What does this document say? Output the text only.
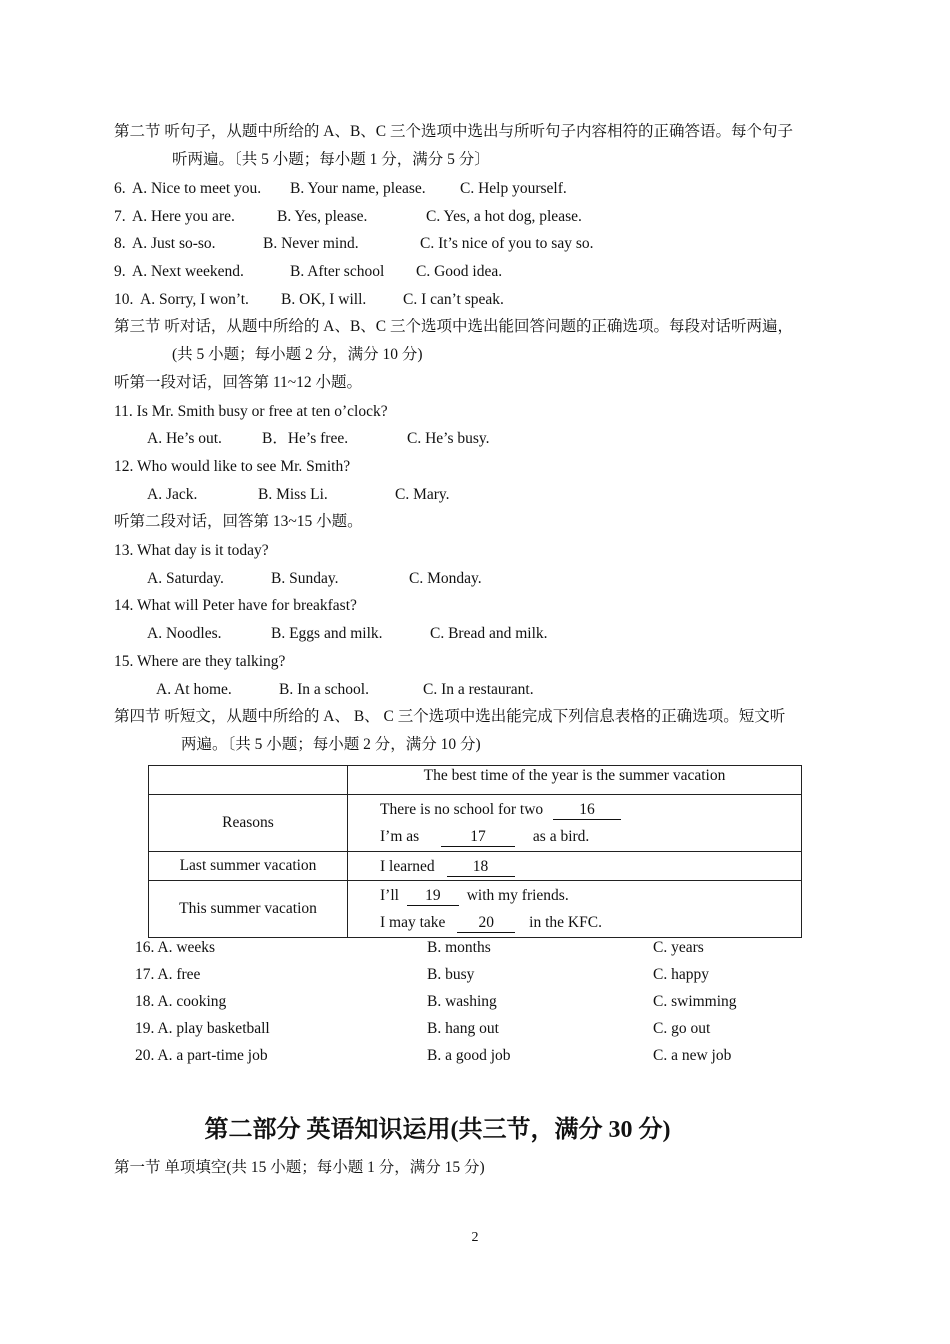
第二节 听句子，从题中所给的 A、B、C 三个选项中选出与所听句子内容相符的正确答语。每个句子
听两遍。〔共 5 小题；每小题 1 分，满分 5 分〕
6. A. Nice to meet you. B. Your name, please. C. Help yourself.
7. A. Here you are.	B. Yes, please.	C. Yes, a hot dog, please.
8. A. Just so-so.	B. Never mind.	C. It’s nice of you to say so.
9. A. Next weekend.	B. After school C. Good idea.
10. A. Sorry, I won’t. B. OK, I will. C. I can’t speak.
第三节 听对话，从题中所给的 A、B、C 三个选项中选出能回答问题的正确选项。每段对话听两遍，
(共 5 小题；每小题 2 分，满分 10 分)
听第一段对话，回答第 11~12 小题。
11. Is Mr. Smith busy or free at ten o’clock?
A. He’s out.	B．He’s free.	C. He’s busy.
12. Who would like to see Mr. Smith?
A. Jack.	B. Miss Li.	C. Mary.
听第二段对话，回答第 13~15 小题。
13. What day is it today?
A. Saturday.	B. Sunday.	C. Monday.
14. What will Peter have for breakfast?
A. Noodles.	B. Eggs and milk.	C. Bread and milk.
15. Where are they talking?
A. At home.	B. In a school.	C. In a restaurant.
第四节 听短文，从题中所给的 A、 B、 C 三个选项中选出能完成下列信息表格的正确选项。短文听
两遍。〔共 5 小题；每小题 2 分，满分 10 分)
	The best time of the year is the summer vacation
Reasons	There is no school for two 16
I’m as 17 as a bird.

Last summer vacation	I learned 18

This summer vacation	I’ll 19 with my friends.
I may take 20 in the KFC.
16. A. weeks	B. months	C. years
17. A. free	B. busy	C. happy
18. A. cooking	B. washing	C. swimming
19. A. play basketball	B. hang out	C. go out
20. A. a part-time job	B. a good job	C. a new job
第二部分 英语知识运用(共三节，满分 30 分)
第一节 单项填空(共 15 小题；每小题 1 分，满分 15 分)
2
